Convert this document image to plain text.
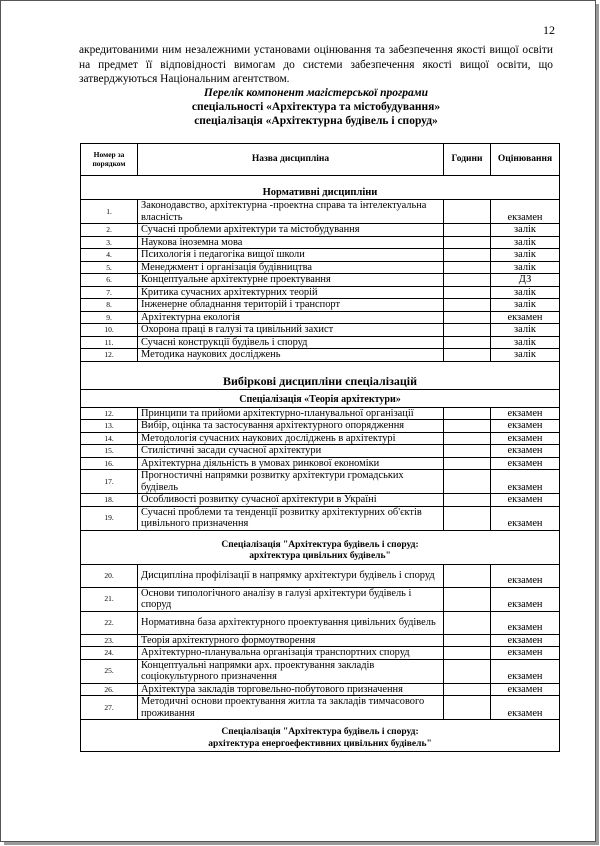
12
акредитованими ним незалежними установами оцінювання та забезпечення якості вищої освіти на предмет її відповідності вимогам до системи забезпечення якості вищої освіти, що затверджуються Національним агентством.
Перелік компонент магістерської програми
спеціальності «Архітектура та містобудування»
спеціалізація «Архітектурна будівель і споруд»
Номер за порядком	Назва дисципліна	Години	Оцінювання

Нормативні дисципліни			

1.	Законодавство, архітектурна -проектна справа та інтелектуальна власність		екзамен
2.	Сучасні проблеми архітектури та містобудування		залік
3.	Наукова іноземна мова		залік
4.	Психологія і педагогіка вищої школи		залік
5.	Менеджмент і організація будівництва		залік
6.	Концептуальне архітектурне проектування		ДЗ
7.	Критика сучасних архітектурних теорій		залік
8.	Інженерне обладнання територій і транспорт		залік
9.	Архітектурна екологія		екзамен
10.	Охорона праці в галузі та цивільний захист		залік
11.	Сучасні конструкції будівель і споруд		залік
12.	Методика наукових досліджень		залік

Вибіркові дисципліни спеціалізацій			

Спеціалізація «Теорія архітектури»			

12.	Принципи та прийоми архітектурно-планувальної організації		екзамен
13.	Вибір, оцінка та застосування архітектурного опорядження		екзамен
14.	Методологія сучасних наукових досліджень в архітектурі		екзамен
15.	Стилістичні засади сучасної архітектури		екзамен
16.	Архітектурна діяльність в умовах ринкової економіки		екзамен
17.	Прогностичні напрямки розвитку архітектури громадських будівель		екзамен
18.	Особливості розвитку сучасної архітектури в Україні		екзамен
19.	Сучасні проблеми та тенденції розвитку архітектурних об'єктів цивільного призначення		екзамен

Спеціалізація "Архітектура будівель і споруд:
архітектура цивільних будівель"			

20.	Дисципліна профілізації в напрямку архітектури будівель і споруд		екзамен
21.	Основи типологічного аналізу в галузі архітектури будівель і споруд		екзамен
22.	Нормативна база архітектурного проектування цивільних будівель		екзамен
23.	Теорія архітектурного формоутворення		екзамен
24.	Архітектурно-планувальна організація транспортних споруд		екзамен
25.	Концептуальні напрямки арх. проектування закладів соціокультурного призначення		екзамен
26.	Архітектура закладів торговельно-побутового призначення		екзамен
27.	Методичні основи проектування житла та закладів тимчасового проживання		екзамен

Спеціалізація "Архітектура будівель і споруд:
архітектура енергоефективних цивільних будівель"			
